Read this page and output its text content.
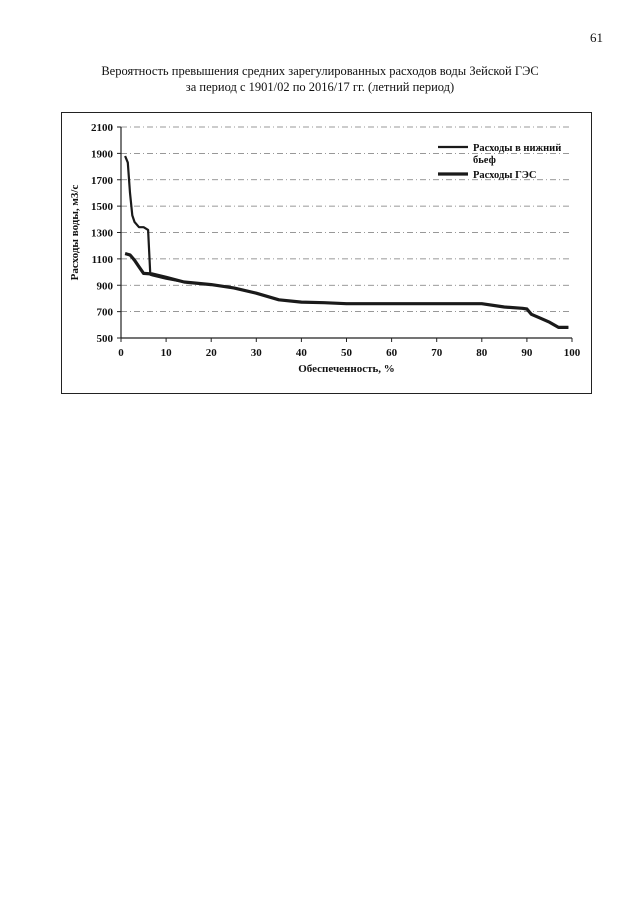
61
Вероятность превышения средних зарегулированных расходов воды Зейской ГЭС
за период с 1901/02 по 2016/17 гг. (летний период)
500
700
900
1100
1300
1500
1700
1900
2100
0	10	20	30	40	50	60	70	80	90	100
Расходы в нижний
бьеф
Расходы ГЭС
Обеспеченность, %
Расходы воды, м3/с
